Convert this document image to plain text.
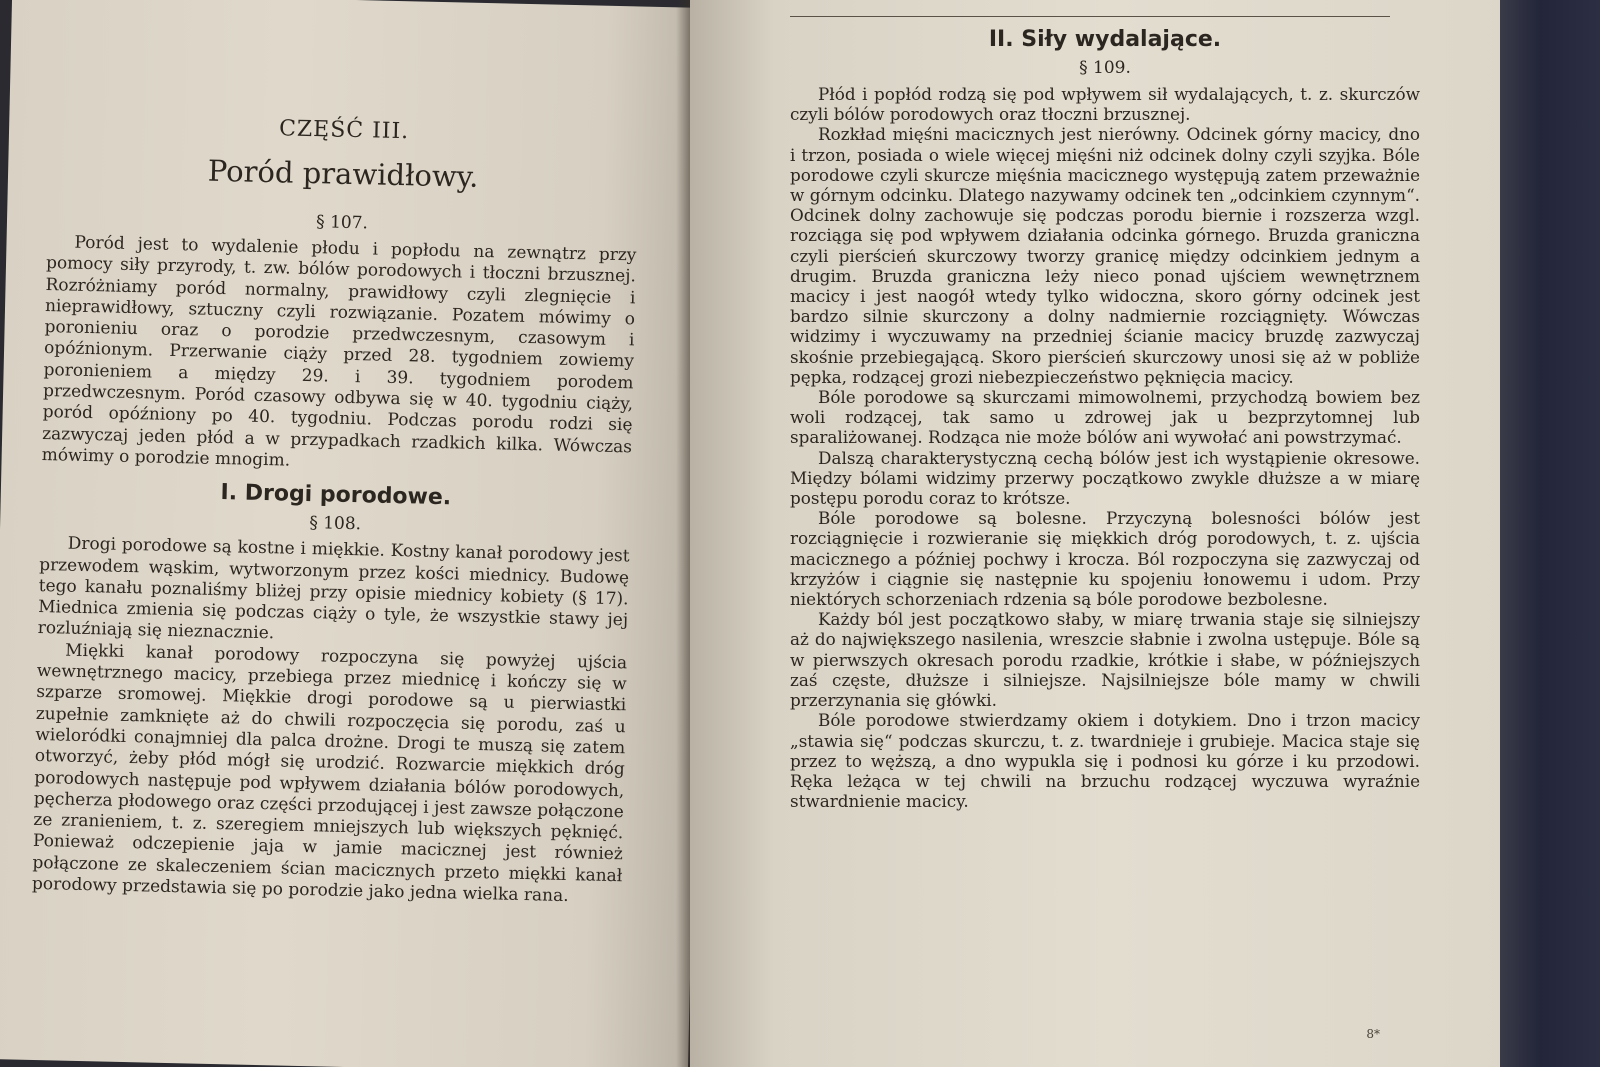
CZĘŚĆ III.
Poród prawidłowy.
§ 107.

Poród jest to wydalenie płodu i popłodu na zewnątrz przy pomocy siły przyrody, t. zw. bólów porodowych i tłoczni brzusznej. Rozróżniamy poród normalny, prawidłowy czyli zlegnięcie i nieprawidłowy, sztuczny czyli rozwiązanie. Pozatem mówimy o poronieniu oraz o porodzie przedwczesnym, czasowym i opóźnionym. Przerwanie ciąży przed 28. tygodniem zowiemy poronieniem a między 29. i 39. tygodniem porodem przedwczesnym. Poród czasowy odbywa się w 40. tygodniu ciąży, poród opóźniony po 40. tygodniu. Podczas porodu rodzi się zazwyczaj jeden płód a w przypadkach rzadkich kilka. Wówczas mówimy o porodzie mnogim.

I. Drogi porodowe.
§ 108.

Drogi porodowe są kostne i miękkie. Kostny kanał porodowy jest przewodem wąskim, wytworzonym przez kości miednicy. Budowę tego kanału poznaliśmy bliżej przy opisie miednicy kobiety (§ 17). Miednica zmienia się podczas ciąży o tyle, że wszystkie stawy jej rozluźniają się nieznacznie.

Miękki kanał porodowy rozpoczyna się powyżej ujścia wewnętrznego macicy, przebiega przez miednicę i kończy się w szparze sromowej. Miękkie drogi porodowe są u pierwiastki zupełnie zamknięte aż do chwili rozpoczęcia się porodu, zaś u wieloródki conajmniej dla palca drożne. Drogi te muszą się zatem otworzyć, żeby płód mógł się urodzić. Rozwarcie miękkich dróg porodowych następuje pod wpływem działania bólów porodowych, pęcherza płodowego oraz części przodującej i jest zawsze połączone ze zranieniem, t. z. szeregiem mniejszych lub większych pęknięć. Ponieważ odczepienie jaja w jamie macicznej jest również połączone ze skaleczeniem ścian macicznych przeto miękki kanał porodowy przedstawia się po porodzie jako jedna wielka rana.

II. Siły wydalające.
§ 109.

Płód i popłód rodzą się pod wpływem sił wydalających, t. z. skurczów czyli bólów porodowych oraz tłoczni brzusznej.

Rozkład mięśni macicznych jest nierówny. Odcinek górny macicy, dno i trzon, posiada o wiele więcej mięśni niż odcinek dolny czyli szyjka. Bóle porodowe czyli skurcze mięśnia macicznego występują zatem przeważnie w górnym odcinku. Dlatego nazywamy odcinek ten „odcinkiem czynnym“. Odcinek dolny zachowuje się podczas porodu biernie i rozszerza wzgl. rozciąga się pod wpływem działania odcinka górnego. Bruzda graniczna czyli pierścień skurczowy tworzy granicę między odcinkiem jednym a drugim. Bruzda graniczna leży nieco ponad ujściem wewnętrznem macicy i jest naogół wtedy tylko widoczna, skoro górny odcinek jest bardzo silnie skurczony a dolny nadmiernie rozciągnięty. Wówczas widzimy i wyczuwamy na przedniej ścianie macicy bruzdę zazwyczaj skośnie przebiegającą. Skoro pierścień skurczowy unosi się aż w pobliże pępka, rodzącej grozi niebezpieczeństwo pęknięcia macicy.

Bóle porodowe są skurczami mimowolnemi, przychodzą bowiem bez woli rodzącej, tak samo u zdrowej jak u bezprzytomnej lub sparaliżowanej. Rodząca nie może bólów ani wywołać ani powstrzymać.

Dalszą charakterystyczną cechą bólów jest ich wystąpienie okresowe. Między bólami widzimy przerwy początkowo zwykle dłuższe a w miarę postępu porodu coraz to krótsze.

Bóle porodowe są bolesne. Przyczyną bolesności bólów jest rozciągnięcie i rozwieranie się miękkich dróg porodowych, t. z. ujścia macicznego a później pochwy i krocza. Ból rozpoczyna się zazwyczaj od krzyżów i ciągnie się następnie ku spojeniu łonowemu i udom. Przy niektórych schorzeniach rdzenia są bóle porodowe bezbolesne.

Każdy ból jest początkowo słaby, w miarę trwania staje się silniejszy aż do największego nasilenia, wreszcie słabnie i zwolna ustępuje. Bóle są w pierwszych okresach porodu rzadkie, krótkie i słabe, w późniejszych zaś częste, dłuższe i silniejsze. Najsilniejsze bóle mamy w chwili przerzynania się główki.

Bóle porodowe stwierdzamy okiem i dotykiem. Dno i trzon macicy „stawia się“ podczas skurczu, t. z. twardnieje i grubieje. Macica staje się przez to węższą, a dno wypukla się i podnosi ku górze i ku przodowi. Ręka leżąca w tej chwili na brzuchu rodzącej wyczuwa wyraźnie stwardnienie macicy.

8*
